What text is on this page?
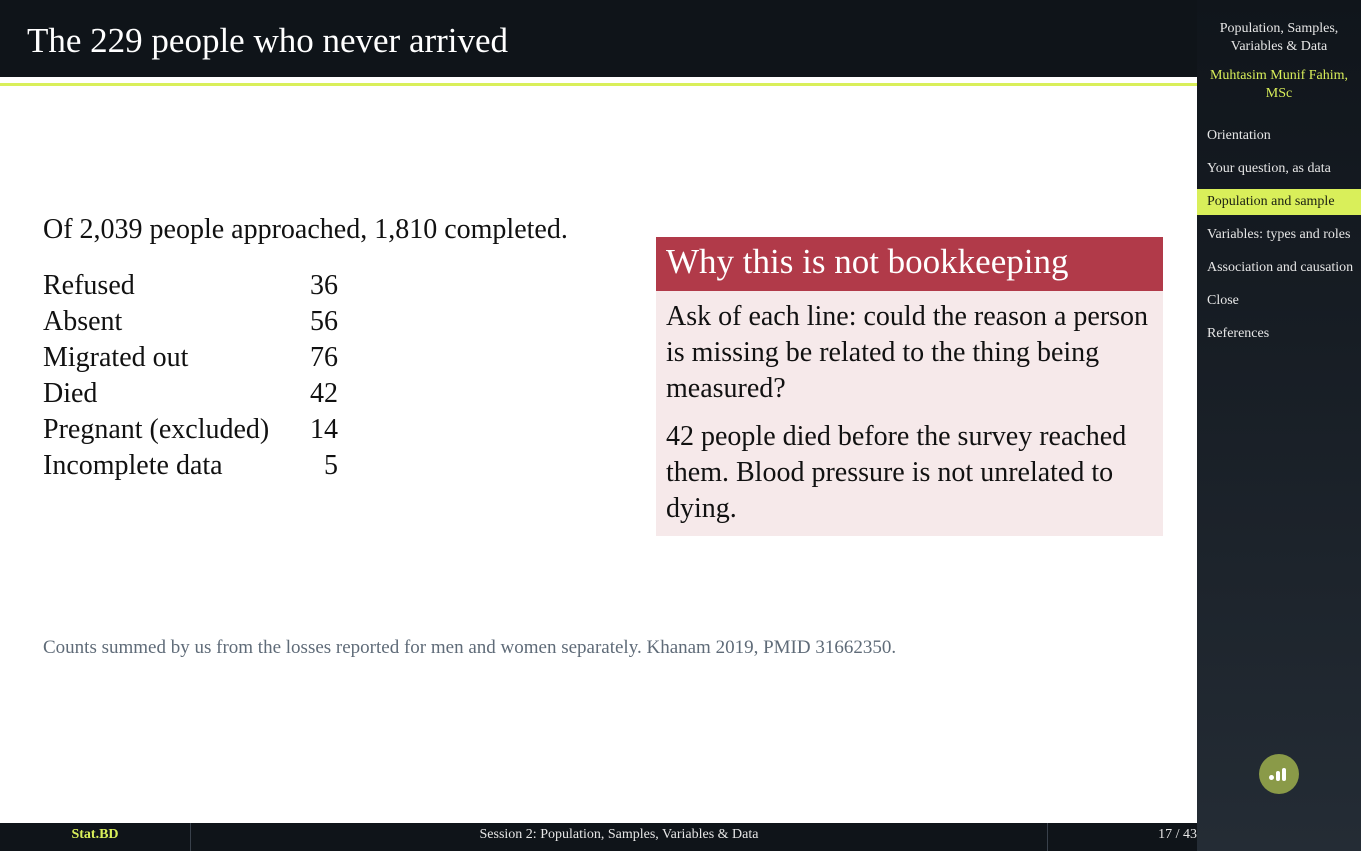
The 229 people who never arrived
Of 2,039 people approached, 1,810 completed.
Refused	36
Absent	56
Migrated out	76
Died	42
Pregnant (excluded)	14
Incomplete data	5
Why this is not bookkeeping

Ask of each line: could the reason a person is missing be related to the thing being measured?

42 people died before the survey reached them. Blood pressure is not unrelated to dying.

Counts summed by us from the losses reported for men and women separately. Khanam 2019, PMID 31662350.
Population, Samples, Variables & Data
Muhtasim Munif Fahim, MSc
Orientation
Your question, as data
Population and sample
Variables: types and roles
Association and causation
Close
References
Stat.BD	Session 2: Population, Samples, Variables & Data	17 / 43
